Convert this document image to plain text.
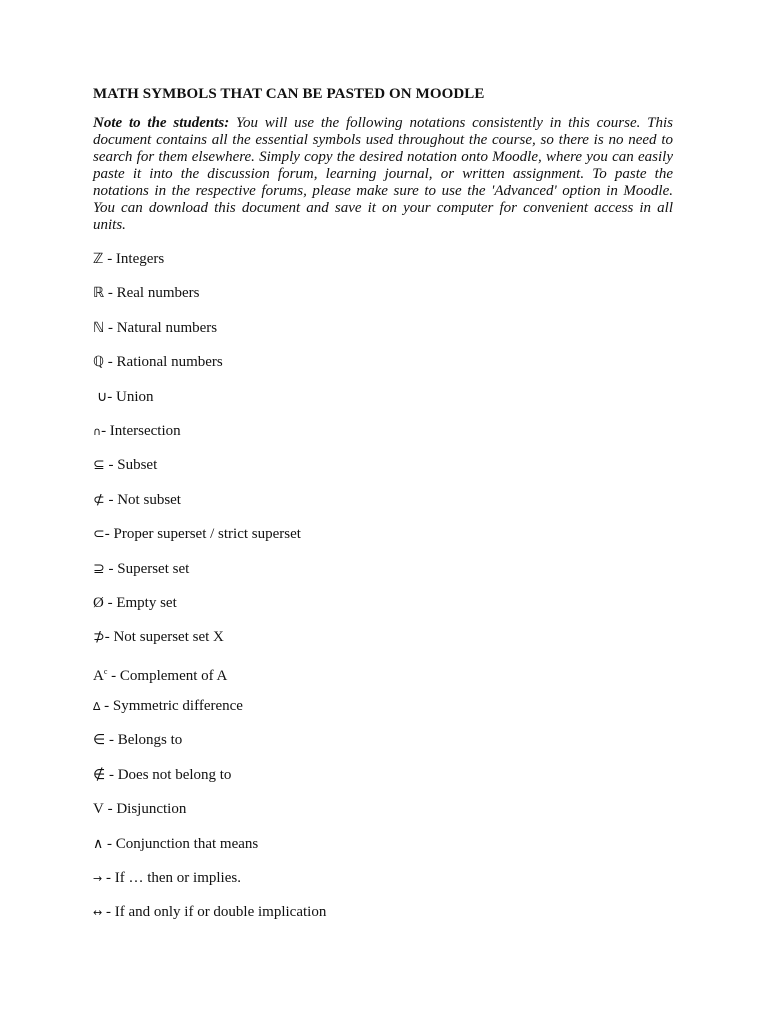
MATH SYMBOLS THAT CAN BE PASTED ON MOODLE

Note to the students: You will use the following notations consistently in this course. This document contains all the essential symbols used throughout the course, so there is no need to search for them elsewhere. Simply copy the desired notation onto Moodle, where you can easily paste it into the discussion forum, learning journal, or written assignment. To paste the notations in the respective forums, please make sure to use the 'Advanced' option in Moodle. You can download this document and save it on your computer for convenient access in all units.

ℤ - Integers
ℝ - Real numbers
ℕ - Natural numbers
ℚ - Rational numbers
∪- Union
∩- Intersection
⊆ - Subset
⊄ - Not subset
⊂- Proper superset / strict superset
⊇ - Superset set
Ø - Empty set
⊅- Not superset set X
$A^c$ - Complement of A
∆ - Symmetric difference
∈ - Belongs to
∉ - Does not belong to
V - Disjunction
∧ - Conjunction that means
→ - If … then or implies.
↔ - If and only if or double implication
